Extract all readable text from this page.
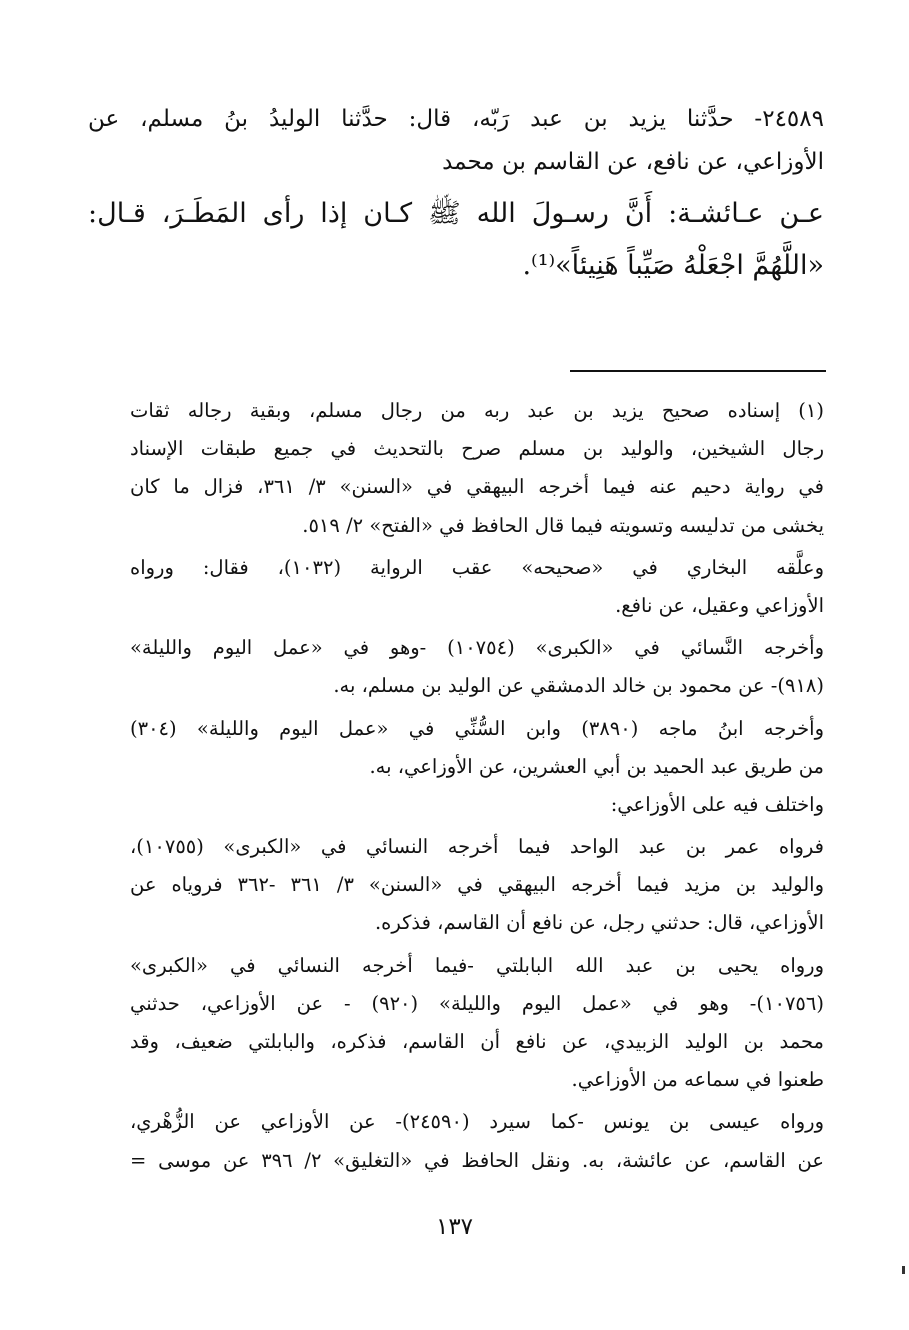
٢٤٥٨٩- حدَّثنا يزيد بن عبد رَبّه، قال: حدَّثنا الوليدُ بنُ مسلم، عن
الأوزاعي، عن نافع، عن القاسم بن محمد
عـن عـائشـة: أَنَّ رسـولَ الله ﷺ كـان إذا رأى المَطَـرَ، قـال:
«اللَّهُمَّ اجْعَلْهُ صَيِّباً هَنِيئاً»⁽¹⁾.
(١) إسناده صحيح يزيد بن عبد ربه من رجال مسلم، وبقية رجاله ثقات
رجال الشيخين، والوليد بن مسلم صرح بالتحديث في جميع طبقات الإسناد
في رواية دحيم عنه فيما أخرجه البيهقي في «السنن» ٣/ ٣٦١، فزال ما كان
يخشى من تدليسه وتسويته فيما قال الحافظ في «الفتح» ٢/ ٥١٩.
وعلَّقه البخاري في «صحيحه» عقب الرواية (١٠٣٢)، فقال: ورواه
الأوزاعي وعقيل، عن نافع.
وأخرجه النَّسائي في «الكبرى» (١٠٧٥٤) -وهو في «عمل اليوم والليلة»
(٩١٨)- عن محمود بن خالد الدمشقي عن الوليد بن مسلم، به.
وأخرجه ابنُ ماجه (٣٨٩٠) وابن السُّنِّي في «عمل اليوم والليلة» (٣٠٤)
من طريق عبد الحميد بن أبي العشرين، عن الأوزاعي، به.
واختلف فيه على الأوزاعي:
فرواه عمر بن عبد الواحد فيما أخرجه النسائي في «الكبرى» (١٠٧٥٥)،
والوليد بن مزيد فيما أخرجه البيهقي في «السنن» ٣/ ٣٦١ -٣٦٢ فروياه عن
الأوزاعي، قال: حدثني رجل، عن نافع أن القاسم، فذكره.
ورواه يحيى بن عبد الله البابلتي -فيما أخرجه النسائي في «الكبرى»
(١٠٧٥٦)- وهو في «عمل اليوم والليلة» (٩٢٠) - عن الأوزاعي، حدثني
محمد بن الوليد الزبيدي، عن نافع أن القاسم، فذكره، والبابلتي ضعيف، وقد
طعنوا في سماعه من الأوزاعي.
ورواه عيسى بن يونس -كما سيرد (٢٤٥٩٠)- عن الأوزاعي عن الزُّهْري،
عن القاسم، عن عائشة، به. ونقل الحافظ في «التغليق» ٢/ ٣٩٦ عن موسى =
١٣٧
